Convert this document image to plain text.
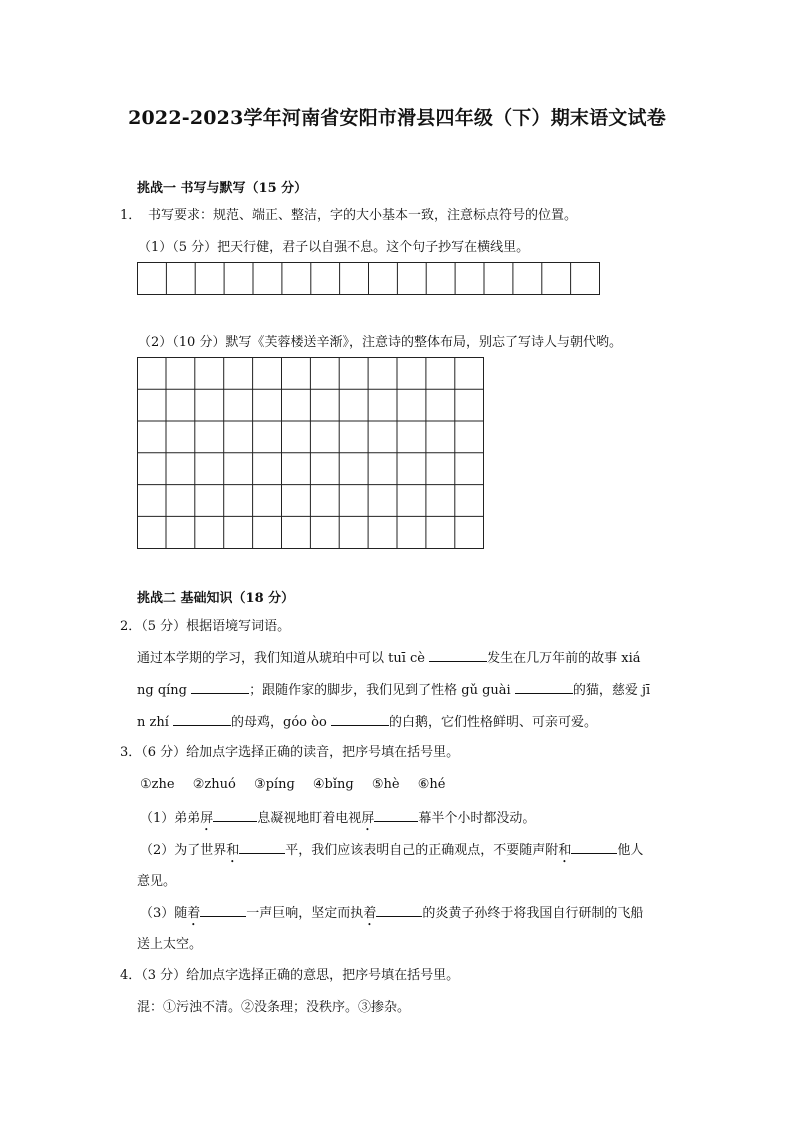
2022-2023学年河南省安阳市滑县四年级（下）期末语文试卷
挑战一 书写与默写（15 分）
1． 书写要求：规范、端正、整洁，字的大小基本一致，注意标点符号的位置。
（1）（5 分）把天行健，君子以自强不息。这个句子抄写在横线里。
（2）（10 分）默写《芙蓉楼送辛渐》，注意诗的整体布局，别忘了写诗人与朝代哟。
挑战二 基础知识（18 分）
2．（5 分）根据语境写词语。
通过本学期的学习，我们知道从琥珀中可以 tuī cè	发生在几万年前的故事 xiá
ng qíng	；跟随作家的脚步，我们见到了性格 gǔ guài	的猫，慈爱 jī
n zhí	的母鸡，góo òo	的白鹅，它们性格鲜明、可亲可爱。
3．（6 分）给加点字选择正确的读音，把序号填在括号里。
①zhe ②zhuó ③pínɡ ④bǐnɡ ⑤hè ⑥hé
（1）弟弟屏	息凝视地盯着电视屏	幕半个小时都没动。
（2）为了世界和	平，我们应该表明自己的正确观点，不要随声附和	他人
意见。
（3）随着	一声巨响，坚定而执着	的炎黄子孙终于将我国自行研制的飞船
送上太空。
4．（3 分）给加点字选择正确的意思，把序号填在括号里。
混：①污浊不清。②没条理；没秩序。③掺杂。
